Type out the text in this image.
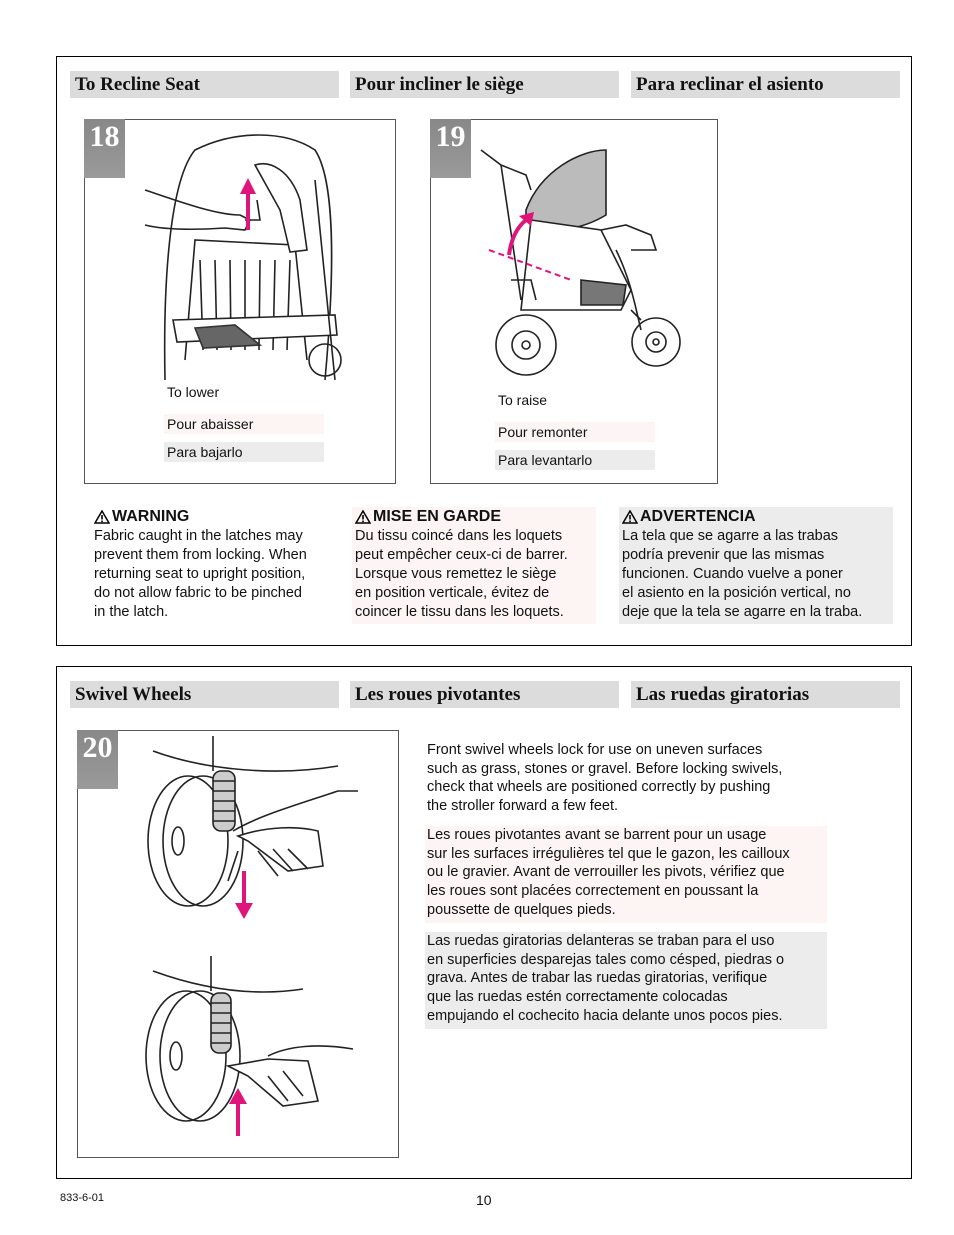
To Recline Seat	Pour incliner le siège	Para reclinar el asiento
18
To lower
Pour abaisser
Para bajarlo
19
To raise
Pour remonter
Para levantarlo
WARNING
Fabric caught in the latches may
prevent them from locking. When
returning seat to upright position,
do not allow fabric to be pinched
in the latch.
MISE EN GARDE
Du tissu coincé dans les loquets
peut empêcher ceux-ci de barrer.
Lorsque vous remettez le siège
en position verticale, évitez de
coincer le tissu dans les loquets.
ADVERTENCIA
La tela que se agarre a las trabas
podría prevenir que las mismas
funcionen. Cuando vuelve a poner
el asiento en la posición vertical, no
deje que la tela se agarre en la traba.
Swivel Wheels	Les roues pivotantes	Las ruedas giratorias
20	Front swivel wheels lock for use on uneven surfaces
such as grass, stones or gravel. Before locking swivels,
check that wheels are positioned correctly by pushing
the stroller forward a few feet.
Les roues pivotantes avant se barrent pour un usage
sur les surfaces irrégulières tel que le gazon, les cailloux
ou le gravier. Avant de verrouiller les pivots, vérifiez que
les roues sont placées correctement en poussant la
poussette de quelques pieds.
Las ruedas giratorias delanteras se traban para el uso
en superficies desparejas tales como césped, piedras o
grava. Antes de trabar las ruedas giratorias, verifique
que las ruedas estén correctamente colocadas
empujando el cochecito hacia delante unos pocos pies.
833-6-01	10
